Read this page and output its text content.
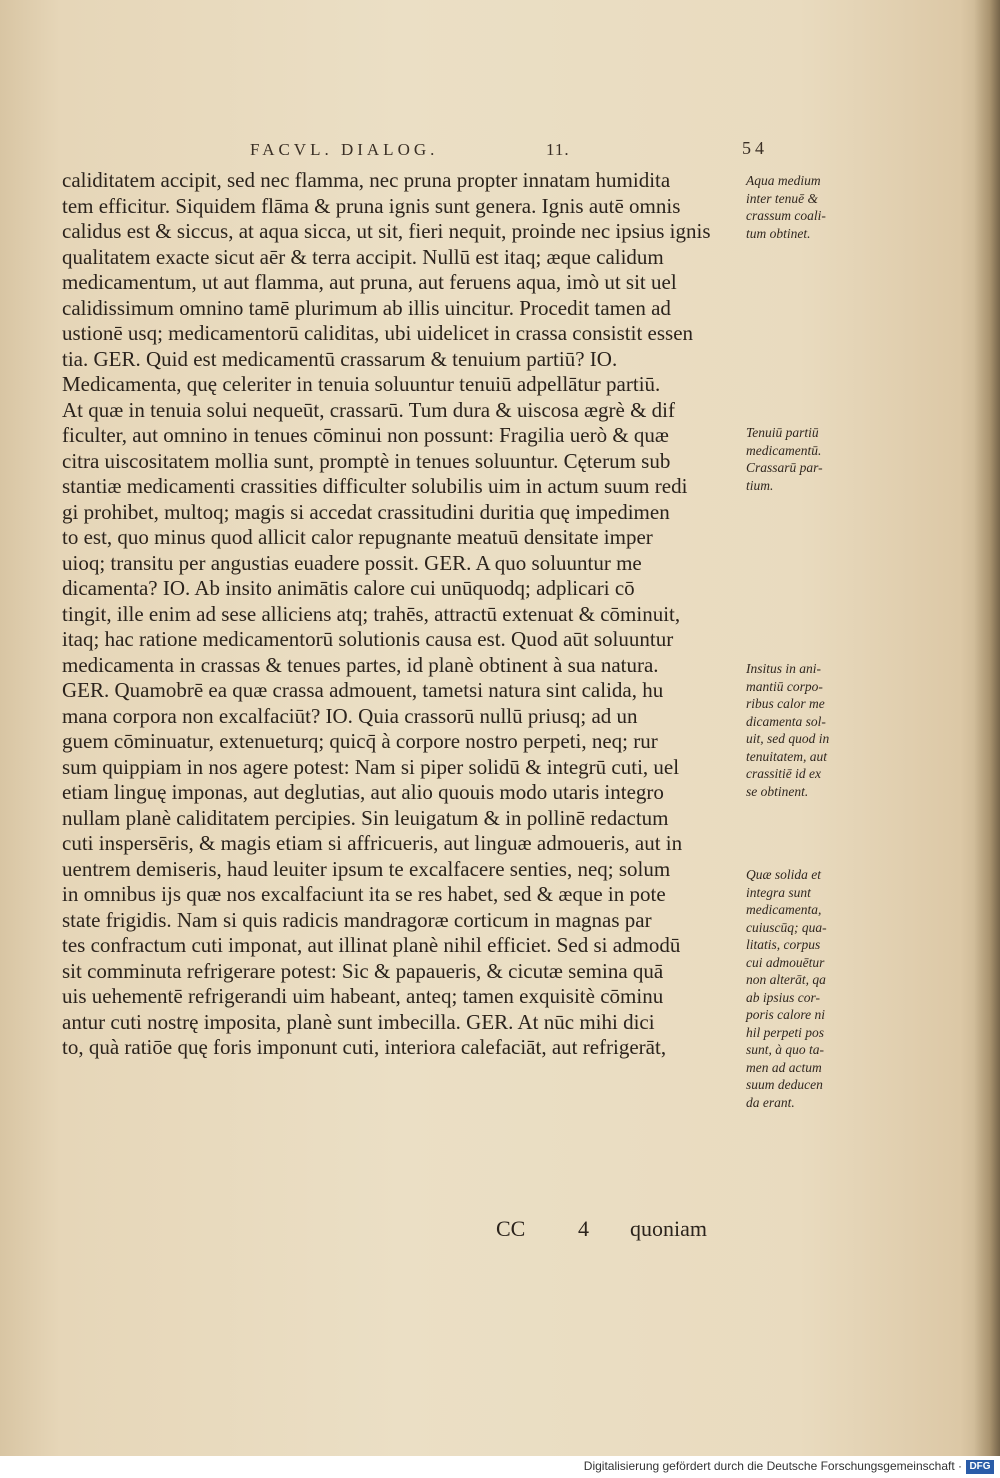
FACVL. DIALOG.	11.	54
caliditatem accipit, sed nec flamma, nec pruna propter innatam humidita
tem efficitur. Siquidem flāma & pruna ignis sunt genera. Ignis autē omnis
calidus est & siccus, at aqua sicca, ut sit, fieri nequit, proinde nec ipsius ignis
qualitatem exacte sicut aēr & terra accipit. Nullū est itaq; æque calidum
medicamentum, ut aut flamma, aut pruna, aut feruens aqua, imò ut sit uel
calidissimum omnino tamē plurimum ab illis uincitur. Procedit tamen ad
ustionē usq; medicamentorū caliditas, ubi uidelicet in crassa consistit essen
tia. GER. Quid est medicamentū crassarum & tenuium partiū? IO.
Medicamenta, quę celeriter in tenuia soluuntur tenuiū adpellātur partiū.
At quæ in tenuia solui nequeūt, crassarū. Tum dura & uiscosa ægrè & dif
ficulter, aut omnino in tenues cōminui non possunt: Fragilia uerò & quæ
citra uiscositatem mollia sunt, promptè in tenues soluuntur. Cęterum sub
stantiæ medicamenti crassities difficulter solubilis uim in actum suum redi
gi prohibet, multoq; magis si accedat crassitudini duritia quę impedimen
to est, quo minus quod allicit calor repugnante meatuū densitate imper
uioq; transitu per angustias euadere possit. GER. A quo soluuntur me
dicamenta? IO. Ab insito animātis calore cui unūquodq; adplicari cō
tingit, ille enim ad sese alliciens atq; trahēs, attractū extenuat & cōminuit,
itaq; hac ratione medicamentorū solutionis causa est. Quod aūt soluuntur
medicamenta in crassas & tenues partes, id planè obtinent à sua natura.
GER. Quamobrē ea quæ crassa admouent, tametsi natura sint calida, hu
mana corpora non excalfaciūt? IO. Quia crassorū nullū priusq; ad un
guem cōminuatur, extenueturq; quicq̄ à corpore nostro perpeti, neq; rur
sum quippiam in nos agere potest: Nam si piper solidū & integrū cuti, uel
etiam linguę imponas, aut deglutias, aut alio quouis modo utaris integro
nullam planè caliditatem percipies. Sin leuigatum & in pollinē redactum
cuti inspersēris, & magis etiam si affricueris, aut linguæ admoueris, aut in
uentrem demiseris, haud leuiter ipsum te excalfacere senties, neq; solum
in omnibus ijs quæ nos excalfaciunt ita se res habet, sed & æque in pote
state frigidis. Nam si quis radicis mandragoræ corticum in magnas par
tes confractum cuti imponat, aut illinat planè nihil efficiet. Sed si admodū
sit comminuta refrigerare potest: Sic & papaueris, & cicutæ semina quā
uis uehementē refrigerandi uim habeant, anteq; tamen exquisitè cōminu
antur cuti nostrę imposita, planè sunt imbecilla. GER. At nūc mihi dici
to, quà ratiōe quę foris imponunt cuti, interiora calefaciāt, aut refrigerāt,
Aqua medium
inter tenuē &
crassum coali-
tum obtinet.
Tenuiū partiū
medicamentū.
Crassarū par-
tium.
Insitus in ani-
mantiū corpo-
ribus calor me
dicamenta sol-
uit, sed quod in
tenuitatem, aut
crassitiē id ex
se obtinent.
Quæ solida et
integra sunt
medicamenta,
cuiuscūq; qua-
litatis, corpus
cui admouētur
non alterāt, qa
ab ipsius cor-
poris calore ni
hil perpeti pos
sunt, à quo ta-
men ad actum
suum deducen
da erant.
CC 4 quoniam
Digitalisierung gefördert durch die Deutsche Forschungsgemeinschaft · DFG
